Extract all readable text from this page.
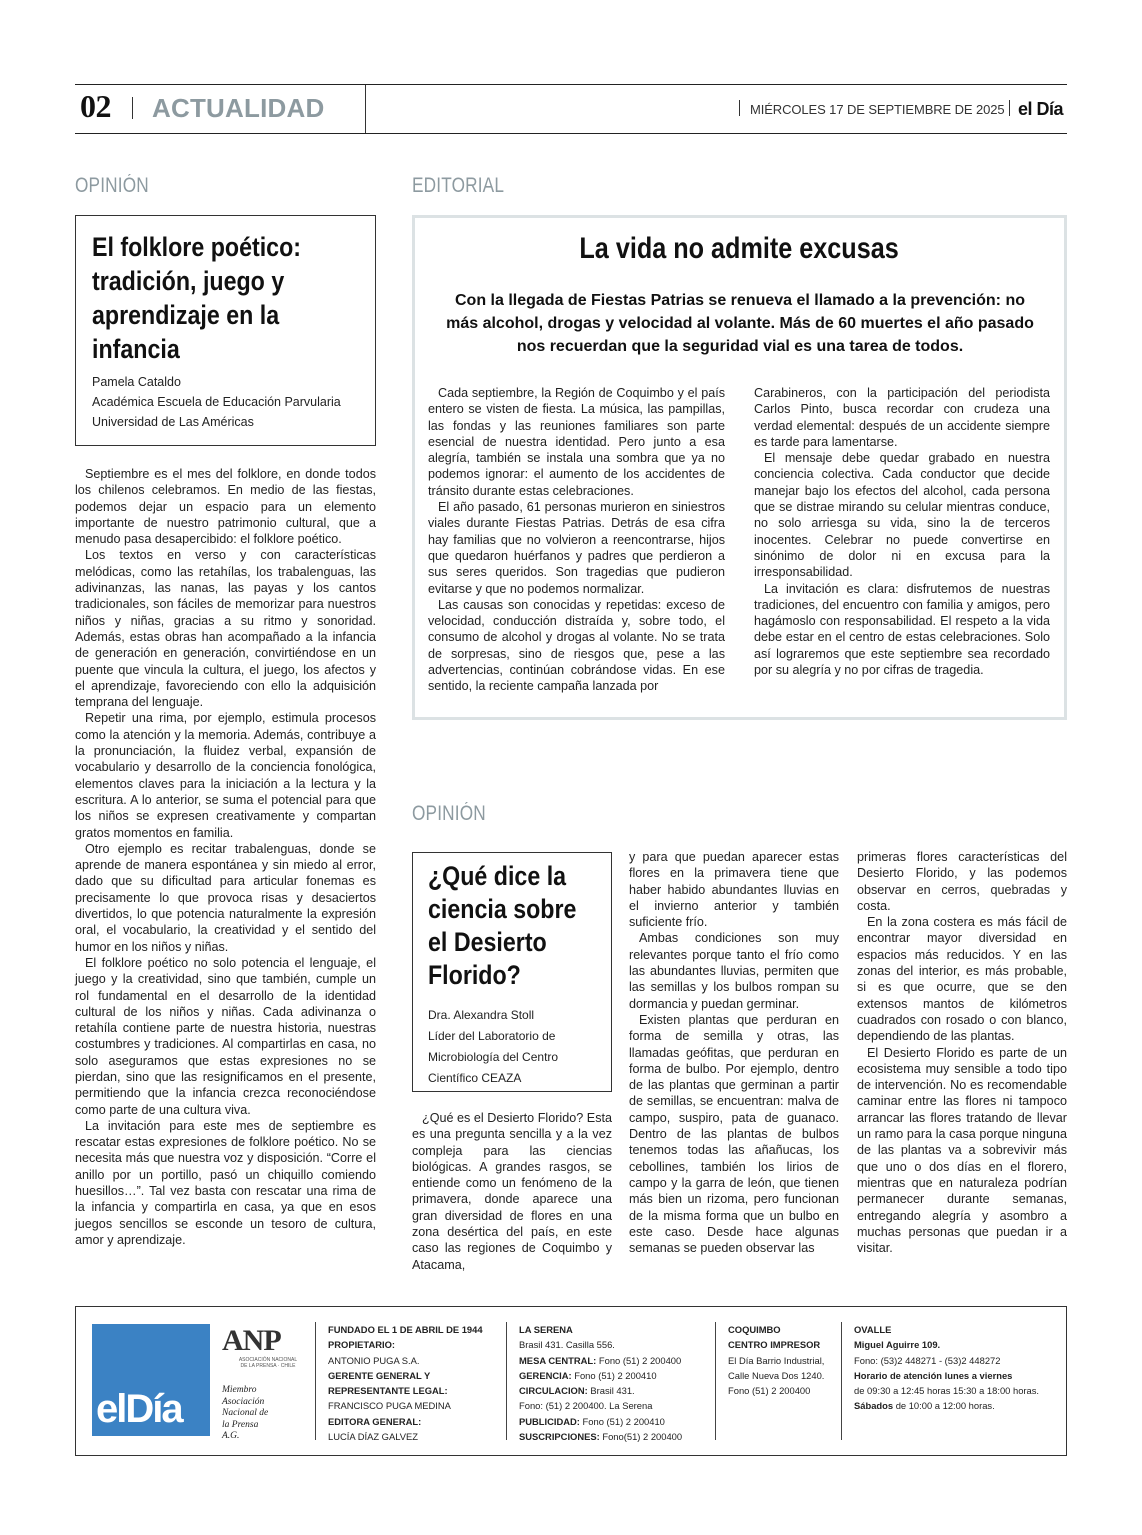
02 ACTUALIDAD	MIÉRCOLES 17 DE SEPTIEMBRE DE 2025 el Día
OPINIÓN
El folklore poético: tradición, juego y aprendizaje en la infancia
Pamela Cataldo
Académica Escuela de Educación Parvularia
Universidad de Las Américas

Septiembre es el mes del folklore, en donde todos los chilenos celebramos. En medio de las fiestas, podemos dejar un espacio para un elemento importante de nuestro patrimonio cultural, que a menudo pasa desapercibido: el folklore poético.

Los textos en verso y con características melódicas, como las retahílas, los trabalenguas, las adivinanzas, las nanas, las payas y los cantos tradicionales, son fáciles de memorizar para nuestros niños y niñas, gracias a su ritmo y sonoridad. Además, estas obras han acompañado a la infancia de generación en generación, convirtiéndose en un puente que vincula la cultura, el juego, los afectos y el aprendizaje, favoreciendo con ello la adquisición temprana del lenguaje.

Repetir una rima, por ejemplo, estimula procesos como la atención y la memoria. Además, contribuye a la pronunciación, la fluidez verbal, expansión de vocabulario y desarrollo de la conciencia fonológica, elementos claves para la iniciación a la lectura y la escritura. A lo anterior, se suma el potencial para que los niños se expresen creativamente y compartan gratos momentos en familia.

Otro ejemplo es recitar trabalenguas, donde se aprende de manera espontánea y sin miedo al error, dado que su dificultad para articular fonemas es precisamente lo que provoca risas y desaciertos divertidos, lo que potencia naturalmente la expresión oral, el vocabulario, la creatividad y el sentido del humor en los niños y niñas.

El folklore poético no solo potencia el lenguaje, el juego y la creatividad, sino que también, cumple un rol fundamental en el desarrollo de la identidad cultural de los niños y niñas. Cada adivinanza o retahíla contiene parte de nuestra historia, nuestras costumbres y tradiciones. Al compartirlas en casa, no solo aseguramos que estas expresiones no se pierdan, sino que las resignificamos en el presente, permitiendo que la infancia crezca reconociéndose como parte de una cultura viva.

La invitación para este mes de septiembre es rescatar estas expresiones de folklore poético. No se necesita más que nuestra voz y disposición. “Corre el anillo por un portillo, pasó un chiquillo comiendo huesillos…”. Tal vez basta con rescatar una rima de la infancia y compartirla en casa, ya que en esos juegos sencillos se esconde un tesoro de cultura, amor y aprendizaje.

EDITORIAL
La vida no admite excusas
Con la llegada de Fiestas Patrias se renueva el llamado a la prevención: no más alcohol, drogas y velocidad al volante. Más de 60 muertes el año pasado nos recuerdan que la seguridad vial es una tarea de todos.

Cada septiembre, la Región de Coquimbo y el país entero se visten de fiesta. La música, las pampillas, las fondas y las reuniones familiares son parte esencial de nuestra identidad. Pero junto a esa alegría, también se instala una sombra que ya no podemos ignorar: el aumento de los accidentes de tránsito durante estas celebraciones.

El año pasado, 61 personas murieron en siniestros viales durante Fiestas Patrias. Detrás de esa cifra hay familias que no volvieron a reencontrarse, hijos que quedaron huérfanos y padres que perdieron a sus seres queridos. Son tragedias que pudieron evitarse y que no podemos normalizar.

Las causas son conocidas y repetidas: exceso de velocidad, conducción distraída y, sobre todo, el consumo de alcohol y drogas al volante. No se trata de sorpresas, sino de riesgos que, pese a las advertencias, continúan cobrándose vidas. En ese sentido, la reciente campaña lanzada por

Carabineros, con la participación del periodista Carlos Pinto, busca recordar con crudeza una verdad elemental: después de un accidente siempre es tarde para lamentarse.

El mensaje debe quedar grabado en nuestra conciencia colectiva. Cada conductor que decide manejar bajo los efectos del alcohol, cada persona que se distrae mirando su celular mientras conduce, no solo arriesga su vida, sino la de terceros inocentes. Celebrar no puede convertirse en sinónimo de dolor ni en excusa para la irresponsabilidad.

La invitación es clara: disfrutemos de nuestras tradiciones, del encuentro con familia y amigos, pero hagámoslo con responsabilidad. El respeto a la vida debe estar en el centro de estas celebraciones. Solo así lograremos que este septiembre sea recordado por su alegría y no por cifras de tragedia.

OPINIÓN
¿Qué dice la ciencia sobre el Desierto Florido?
Dra. Alexandra Stoll
Líder del Laboratorio de
Microbiología del Centro
Científico CEAZA

¿Qué es el Desierto Florido? Esta es una pregunta sencilla y a la vez compleja para las ciencias biológicas. A grandes rasgos, se entiende como un fenómeno de la primavera, donde aparece una gran diversidad de flores en una zona desértica del país, en este caso las regiones de Coquimbo y Atacama,

y para que puedan aparecer estas flores en la primavera tiene que haber habido abundantes lluvias en el invierno anterior y también suficiente frío.

Ambas condiciones son muy relevantes porque tanto el frío como las abundantes lluvias, permiten que las semillas y los bulbos rompan su dormancia y puedan germinar.

Existen plantas que perduran en forma de semilla y otras, las llamadas geófitas, que perduran en forma de bulbo. Por ejemplo, dentro de las plantas que germinan a partir de semillas, se encuentran: malva de campo, suspiro, pata de guanaco. Dentro de las plantas de bulbos tenemos todas las añañucas, los cebollines, también los lirios de campo y la garra de león, que tienen más bien un rizoma, pero funcionan de la misma forma que un bulbo en este caso. Desde hace algunas semanas se pueden observar las

primeras flores características del Desierto Florido, y las podemos observar en cerros, quebradas y costa.

En la zona costera es más fácil de encontrar mayor diversidad en espacios más reducidos. Y en las zonas del interior, es más probable, si es que ocurre, que se den extensos mantos de kilómetros cuadrados con rosado o con blanco, dependiendo de las plantas.

El Desierto Florido es parte de un ecosistema muy sensible a todo tipo de intervención. No es recomendable caminar entre las flores ni tampoco arrancar las flores tratando de llevar un ramo para la casa porque ninguna de las plantas va a sobrevivir más que uno o dos días en el florero, mientras que en naturaleza podrían permanecer durante semanas, entregando alegría y asombro a muchas personas que puedan ir a visitar.

elDía
ANP
ASOCIACIÓN NACIONAL DE LA PRENSA · CHILE
Miembro
Asociación
Nacional de
la Prensa
A.G.
FUNDADO EL 1 DE ABRIL DE 1944
PROPIETARIO:
ANTONIO PUGA S.A.
GERENTE GENERAL Y
REPRESENTANTE LEGAL:
FRANCISCO PUGA MEDINA
EDITORA GENERAL:
LUCÍA DÍAZ GALVEZ
LA SERENA
Brasil 431. Casilla 556.
MESA CENTRAL: Fono (51) 2 200400
GERENCIA: Fono (51) 2 200410
CIRCULACION: Brasil 431.
Fono: (51) 2 200400. La Serena
PUBLICIDAD: Fono (51) 2 200410
SUSCRIPCIONES: Fono(51) 2 200400
COQUIMBO
CENTRO IMPRESOR
El Día Barrio Industrial,
Calle Nueva Dos 1240.
Fono (51) 2 200400
OVALLE
Miguel Aguirre 109.
Fono: (53)2 448271 - (53)2 448272
Horario de atención lunes a viernes
de 09:30 a 12:45 horas 15:30 a 18:00 horas.
Sábados de 10:00 a 12:00 horas.
